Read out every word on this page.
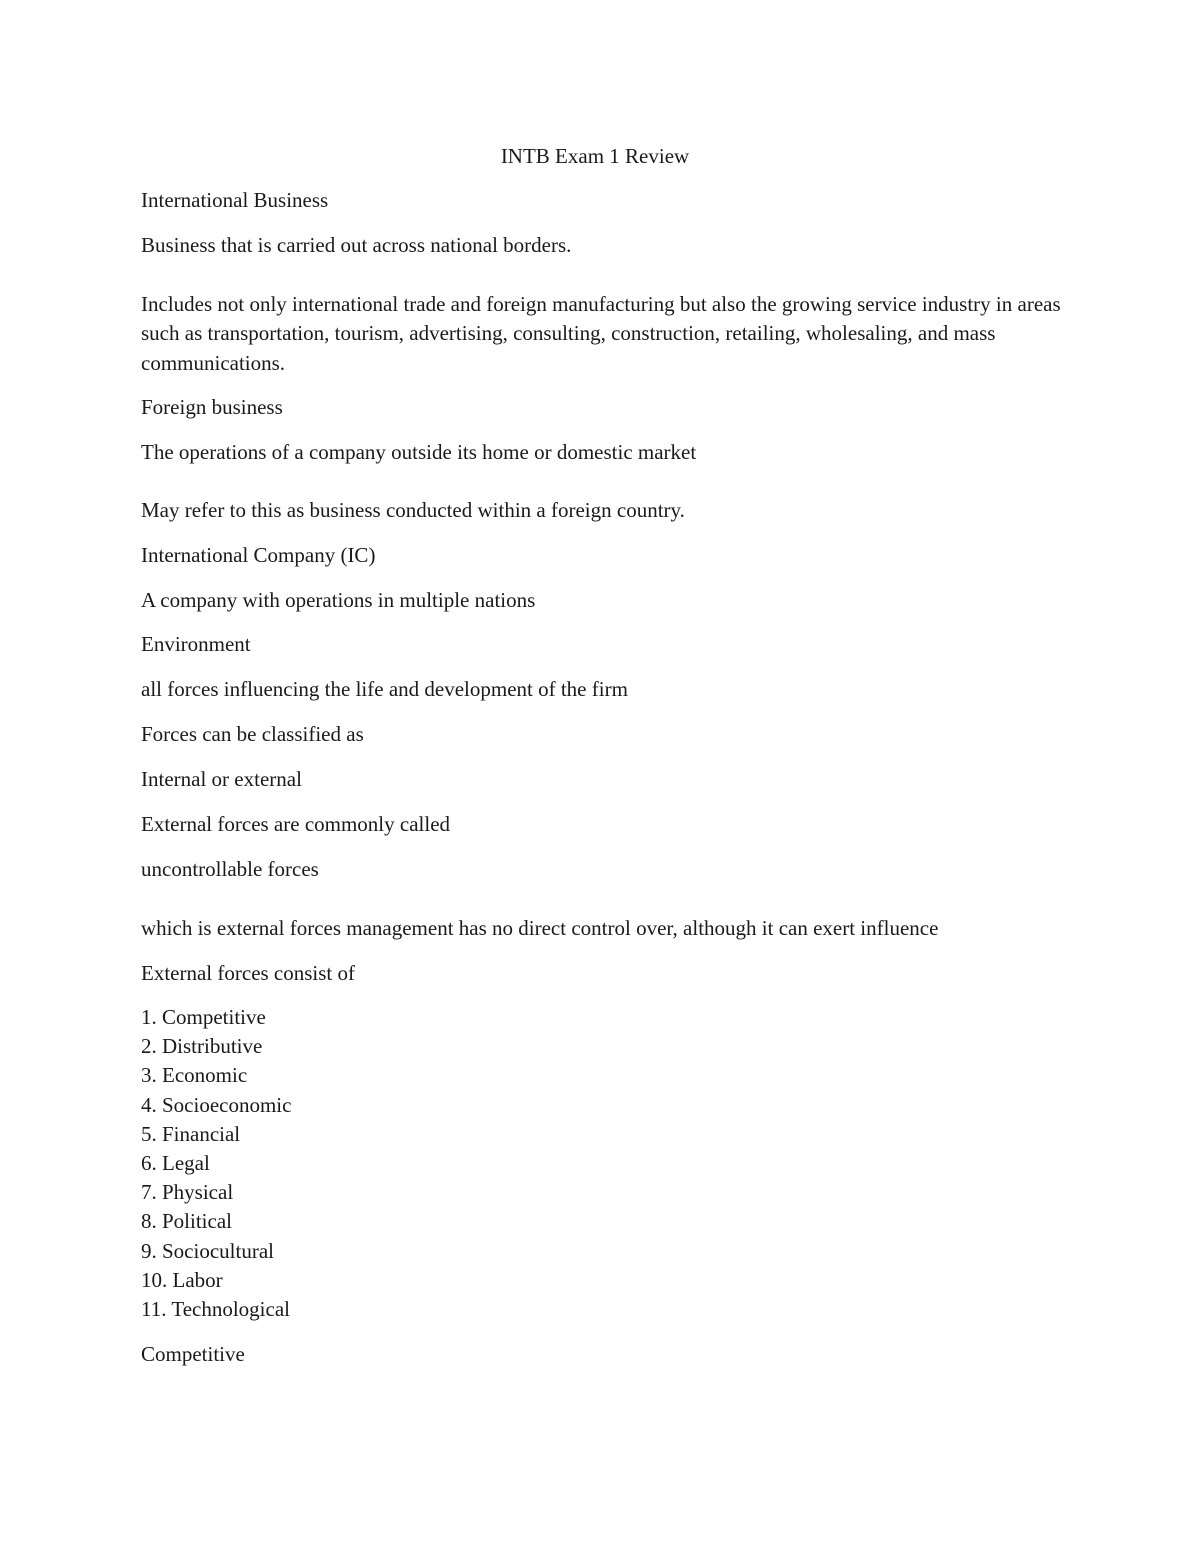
INTB Exam 1 Review
International Business
Business that is carried out across national borders.

Includes not only international trade and foreign manufacturing but also the growing service industry in areas such as transportation, tourism, advertising, consulting, construction, retailing, wholesaling, and mass communications.

Foreign business
The operations of a company outside its home or domestic market
May refer to this as business conducted within a foreign country.
International Company (IC)
A company with operations in multiple nations
Environment
all forces influencing the life and development of the firm
Forces can be classified as
Internal or external
External forces are commonly called
uncontrollable forces
which is external forces management has no direct control over, although it can exert influence
External forces consist of
1. Competitive
2. Distributive
3. Economic
4. Socioeconomic
5. Financial
6. Legal
7. Physical
8. Political
9. Sociocultural
10. Labor
11. Technological
Competitive
